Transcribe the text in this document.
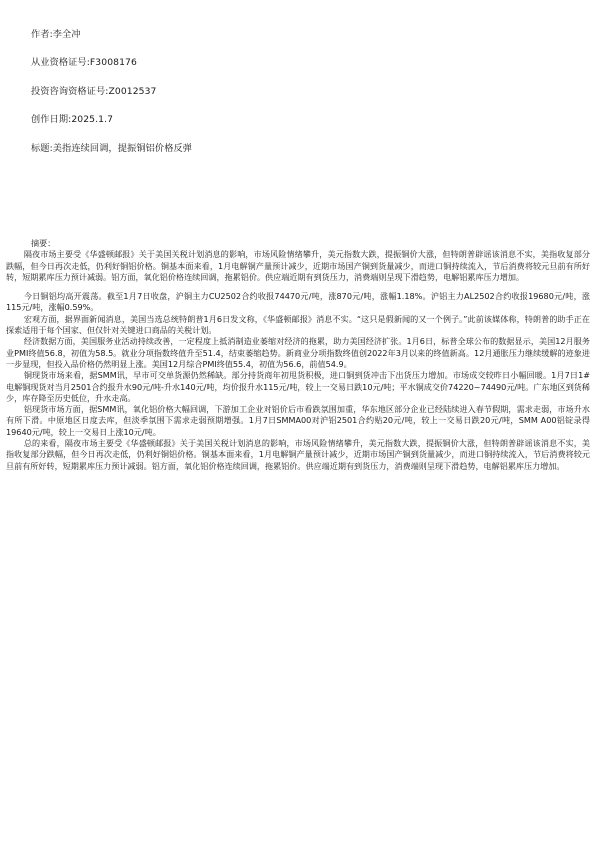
作者:李全冲
从业资格证号:F3008176
投资咨询资格证号:Z0012537
创作日期:2025.1.7
标题:美指连续回调，提振铜铝价格反弹

摘要：

隔夜市场主要受《华盛顿邮报》关于美国关税计划消息的影响，市场风险情绪攀升，美元指数大跌，提振铜价大涨，但特朗普辟谣该消息不实，美指收复部分跌幅，但今日再次走低，仍利好铜铝价格。铜基本面来看，1月电解铜产量预计减少，近期市场国产铜到货量减少，而进口铜持续流入，节后消费将较元旦前有所好转，短期累库压力预计减弱。铝方面，氧化铝价格连续回调，拖累铝价。供应端近期有到货压力，消费端则呈现下滑趋势，电解铝累库压力增加。

今日铜铝均高开震荡。截至1月7日收盘，沪铜主力CU2502合约收报74470元/吨，涨870元/吨，涨幅1.18%。沪铝主力AL2502合约收报19680元/吨，涨115元/吨，涨幅0.59%。

宏观方面，据界面新闻消息，美国当选总统特朗普1月6日发文称，《华盛顿邮报》消息不实。“这只是假新闻的又一个例子。”此前该媒体称，特朗普的助手正在探索适用于每个国家、但仅针对关键进口商品的关税计划。

经济数据方面，美国服务业活动持续改善，一定程度上抵消制造业萎缩对经济的拖累，助力美国经济扩张。1月6日，标普全球公布的数据显示，美国12月服务业PMI终值56.8，初值为58.5。就业分项指数终值升至51.4，结束萎缩趋势。新商业分项指数终值创2022年3月以来的终值新高。12月通胀压力继续缓解的迹象进一步显现，但投入品价格仍然明显上涨。美国12月综合PMI终值55.4，初值为56.6，前值54.9。

铜现货市场来看，据SMM讯，早市可交单货源仍然稀缺。部分持货商年初甩货积极，进口铜到货冲击下出货压力增加。市场成交较昨日小幅回暖。1月7日1#电解铜现货对当月2501合约报升水90元/吨-升水140元/吨，均价报升水115元/吨，较上一交易日跌10元/吨；平水铜成交价74220~74490元/吨。广东地区到货稀少，库存降至历史低位，升水走高。

铝现货市场方面，据SMM讯，氧化铝价格大幅回调，下游加工企业对铝价后市看跌氛围加重，华东地区部分企业已经陆续进入春节假期，需求走弱，市场升水有所下滑。中原地区日度去库，但淡季氛围下需求走弱预期增强。1月7日SMMA00对沪铝2501合约贴20元/吨，较上一交易日跌20元/吨，SMM A00铝锭录得19640元/吨，较上一交易日上涨10元/吨。

总的来看，隔夜市场主要受《华盛顿邮报》关于美国关税计划消息的影响，市场风险情绪攀升，美元指数大跌，提振铜价大涨，但特朗普辟谣该消息不实，美指收复部分跌幅，但今日再次走低，仍利好铜铝价格。铜基本面来看，1月电解铜产量预计减少，近期市场国产铜到货量减少，而进口铜持续流入，节后消费将较元旦前有所好转，短期累库压力预计减弱。铝方面，氧化铝价格连续回调，拖累铝价。供应端近期有到货压力，消费端则呈现下滑趋势，电解铝累库压力增加。
